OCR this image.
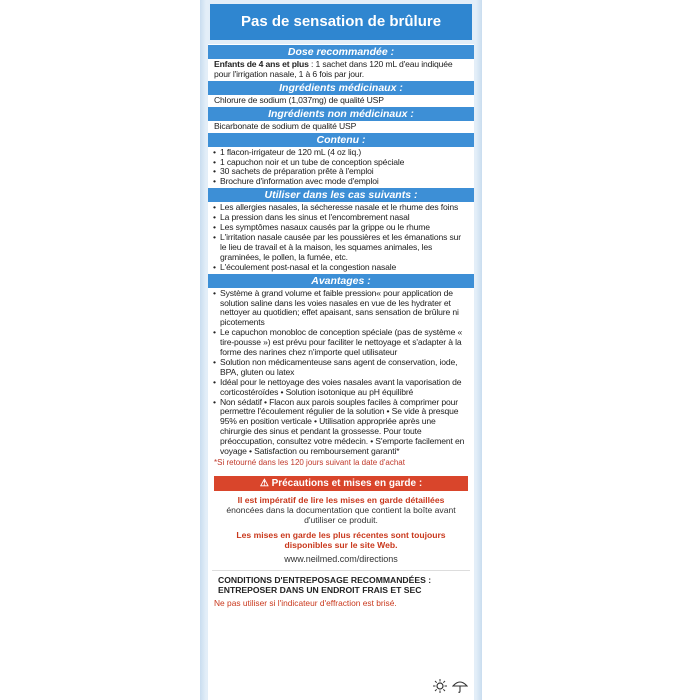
Pas de sensation de brûlure
Dose recommandée :
Enfants de 4 ans et plus : 1 sachet dans 120 mL d'eau indiquée pour l'irrigation nasale, 1 à 6 fois par jour.
Ingrédients médicinaux :
Chlorure de sodium (1,037mg) de qualité USP
Ingrédients non médicinaux :
Bicarbonate de sodium de qualité USP
Contenu :
• 1 flacon-irrigateur de 120 mL (4 oz liq.)
• 1 capuchon noir et un tube de conception spéciale
• 30 sachets de préparation prête à l'emploi
• Brochure d'information avec mode d'emploi
Utiliser dans les cas suivants :
• Les allergies nasales, la sécheresse nasale et le rhume des foins
• La pression dans les sinus et l'encombrement nasal
• Les symptômes nasaux causés par la grippe ou le rhume
• L'irritation nasale causée par les poussières et les émanations sur le lieu de travail et à la maison, les squames animales, les graminées, le pollen, la fumée, etc.
• L'écoulement post-nasal et la congestion nasale
Avantages :
• Système à grand volume et faible pression« pour application de solution saline dans les voies nasales en vue de les hydrater et nettoyer au quotidien; effet apaisant, sans sensation de brûlure ni picotements
• Le capuchon monobloc de conception spéciale (pas de système « tire-pousse ») est prévu pour faciliter le nettoyage et s'adapter à la forme des narines chez n'importe quel utilisateur
• Solution non médicamenteuse sans agent de conservation, iode, BPA, gluten ou latex
• Idéal pour le nettoyage des voies nasales avant la vaporisation de corticostéroïdes • Solution isotonique au pH équilibré
• Non sédatif • Flacon aux parois souples faciles à comprimer pour permettre l'écoulement régulier de la solution • Se vide à presque 95% en position verticale • Utilisation appropriée après une chirurgie des sinus et pendant la grossesse. Pour toute préoccupation, consultez votre médecin. • S'emporte facilement en voyage • Satisfaction ou remboursement garanti*
*Si retourné dans les 120 jours suivant la date d'achat
⚠ Précautions et mises en garde :
Il est impératif de lire les mises en garde détaillées
énoncées dans la documentation que contient la boîte avant d'utiliser ce produit.
Les mises en garde les plus récentes sont toujours disponibles sur le site Web.
www.neilmed.com/directions
CONDITIONS D'ENTREPOSAGE RECOMMANDÉES :
ENTREPOSER DANS UN ENDROIT FRAIS ET SEC
Ne pas utiliser si l'indicateur d'effraction est brisé.
